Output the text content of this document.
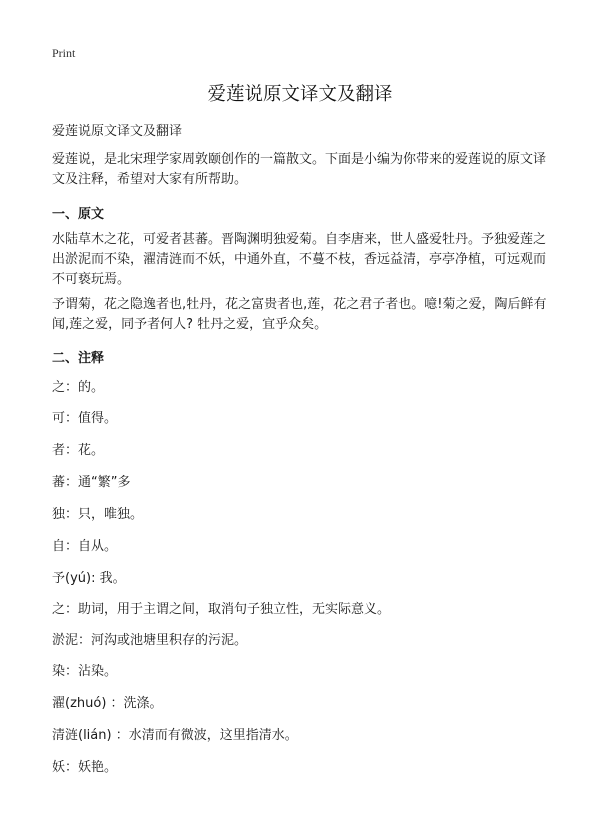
Print
爱莲说原文译文及翻译
爱莲说原文译文及翻译

爱莲说，是北宋理学家周敦颐创作的一篇散文。下面是小编为你带来的爱莲说的原文译文及注释，希望对大家有所帮助。

一、原文

水陆草木之花，可爱者甚蕃。晋陶渊明独爱菊。自李唐来，世人盛爱牡丹。予独爱莲之出淤泥而不染，濯清涟而不妖，中通外直，不蔓不枝，香远益清，亭亭净植，可远观而不可亵玩焉。

予谓菊，花之隐逸者也,牡丹，花之富贵者也,莲，花之君子者也。噫!菊之爱，陶后鲜有闻,莲之爱，同予者何人? 牡丹之爱，宜乎众矣。

二、注释
之：的。
可：值得。
者：花。
蕃：通“繁”多
独：只，唯独。
自：自从。
予(yú): 我。
之：助词，用于主谓之间，取消句子独立性，无实际意义。
淤泥：河沟或池塘里积存的污泥。
染：沾染。
濯(zhuó) ：洗涤。
清涟(lián) ：水清而有微波，这里指清水。
妖：妖艳。
